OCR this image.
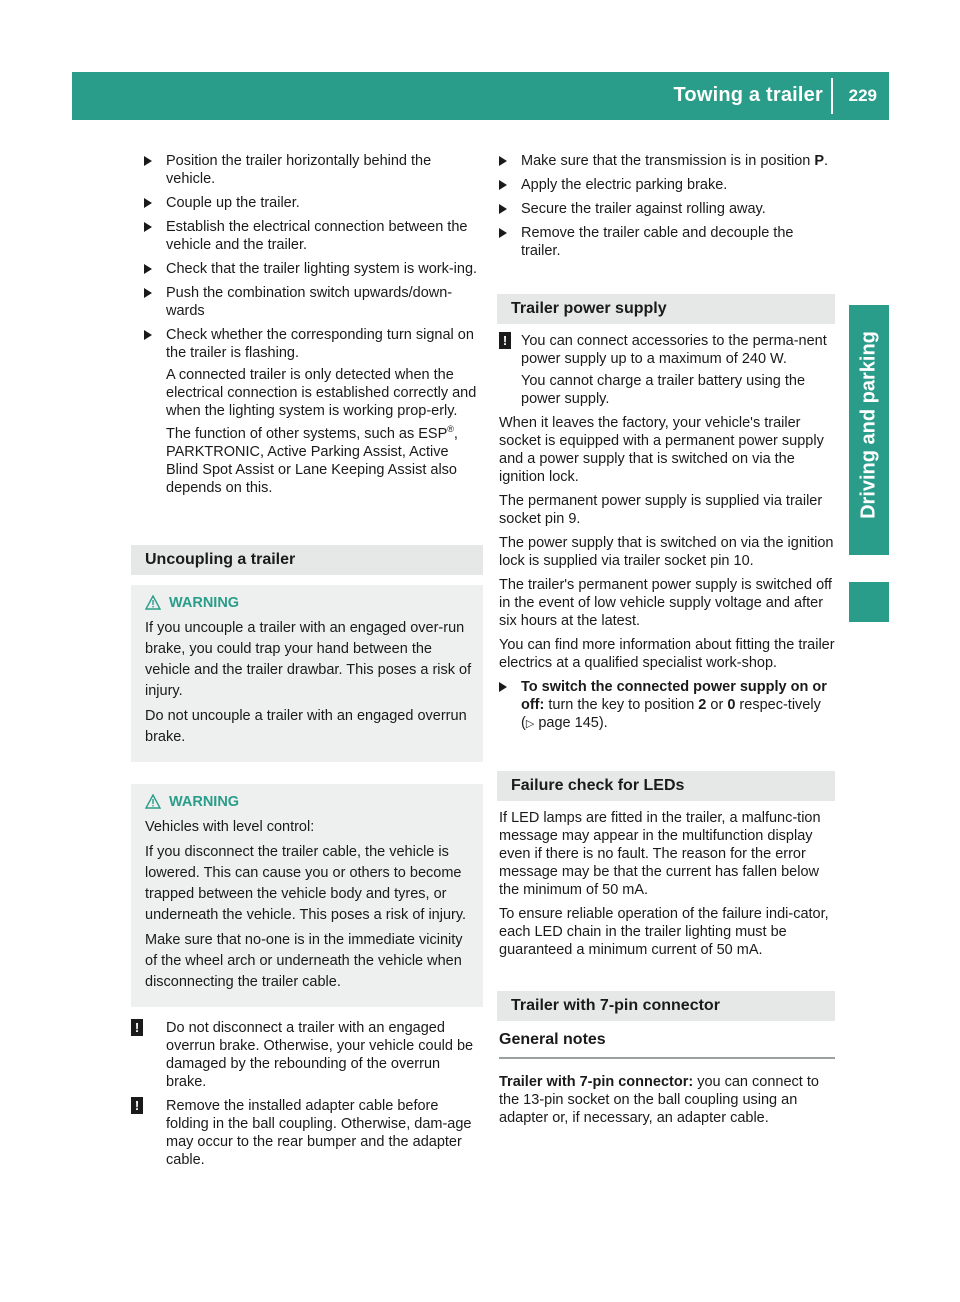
Towing a trailer 229
Driving and parking
Position the trailer horizontally behind the vehicle.
Couple up the trailer.
Establish the electrical connection between the vehicle and the trailer.
Check that the trailer lighting system is work-ing.
Push the combination switch upwards/down-wards
Check whether the corresponding turn signal on the trailer is flashing.
A connected trailer is only detected when the electrical connection is established correctly and when the lighting system is working prop-erly. The function of other systems, such as ESP®, PARKTRONIC, Active Parking Assist, Active Blind Spot Assist or Lane Keeping Assist also depends on this.
Uncoupling a trailer
WARNING

If you uncouple a trailer with an engaged over-run brake, you could trap your hand between the vehicle and the trailer drawbar. This poses a risk of injury.

Do not uncouple a trailer with an engaged overrun brake.

WARNING

Vehicles with level control:

If you disconnect the trailer cable, the vehicle is lowered. This can cause you or others to become trapped between the vehicle body and tyres, or underneath the vehicle. This poses a risk of injury.

Make sure that no-one is in the immediate vicinity of the wheel arch or underneath the vehicle when disconnecting the trailer cable.

! Do not disconnect a trailer with an engaged overrun brake. Otherwise, your vehicle could be damaged by the rebounding of the overrun brake.

! Remove the installed adapter cable before folding in the ball coupling. Otherwise, dam-age may occur to the rear bumper and the adapter cable.

Make sure that the transmission is in position P.
Apply the electric parking brake.
Secure the trailer against rolling away.
Remove the trailer cable and decouple the trailer.
Trailer power supply
! You can connect accessories to the perma-nent power supply up to a maximum of 240 W.

You cannot charge a trailer battery using the power supply.

When it leaves the factory, your vehicle's trailer socket is equipped with a permanent power supply and a power supply that is switched on via the ignition lock.

The permanent power supply is supplied via trailer socket pin 9.

The power supply that is switched on via the ignition lock is supplied via trailer socket pin 10.

The trailer's permanent power supply is switched off in the event of low vehicle supply voltage and after six hours at the latest.

You can find more information about fitting the trailer electrics at a qualified specialist work-shop.

To switch the connected power supply on or off: turn the key to position 2 or 0 respec-tively (▷ page 145).
Failure check for LEDs

If LED lamps are fitted in the trailer, a malfunc-tion message may appear in the multifunction display even if there is no fault. The reason for the error message may be that the current has fallen below the minimum of 50 mA.

To ensure reliable operation of the failure indi-cator, each LED chain in the trailer lighting must be guaranteed a minimum current of 50 mA.

Trailer with 7-pin connector
General notes

Trailer with 7-pin connector: you can connect to the 13-pin socket on the ball coupling using an adapter or, if necessary, an adapter cable.
